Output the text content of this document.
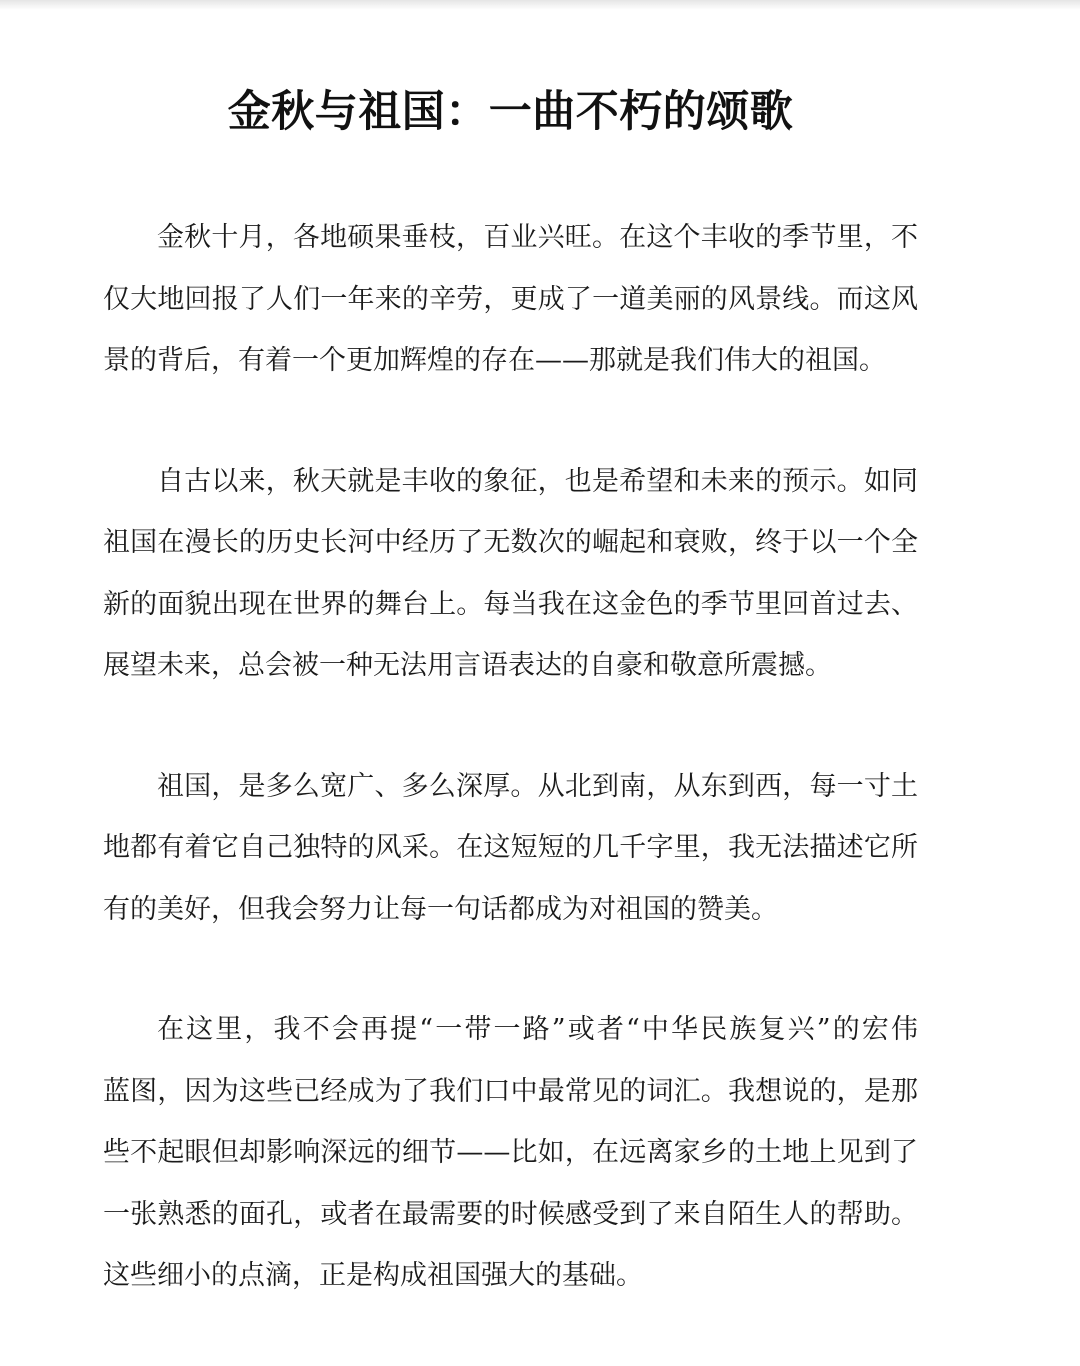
金秋与祖国：一曲不朽的颂歌
金秋十月，各地硕果垂枝，百业兴旺。在这个丰收的季节里，不
仅大地回报了人们一年来的辛劳，更成了一道美丽的风景线。而这风
景的背后，有着一个更加辉煌的存在——那就是我们伟大的祖国。
自古以来，秋天就是丰收的象征，也是希望和未来的预示。如同
祖国在漫长的历史长河中经历了无数次的崛起和衰败，终于以一个全
新的面貌出现在世界的舞台上。每当我在这金色的季节里回首过去、
展望未来，总会被一种无法用言语表达的自豪和敬意所震撼。
祖国，是多么宽广、多么深厚。从北到南，从东到西，每一寸土
地都有着它自己独特的风采。在这短短的几千字里，我无法描述它所
有的美好，但我会努力让每一句话都成为对祖国的赞美。
在这里，我不会再提“一带一路”或者“中华民族复兴”的宏伟
蓝图，因为这些已经成为了我们口中最常见的词汇。我想说的，是那
些不起眼但却影响深远的细节——比如，在远离家乡的土地上见到了
一张熟悉的面孔，或者在最需要的时候感受到了来自陌生人的帮助。
这些细小的点滴，正是构成祖国强大的基础。
